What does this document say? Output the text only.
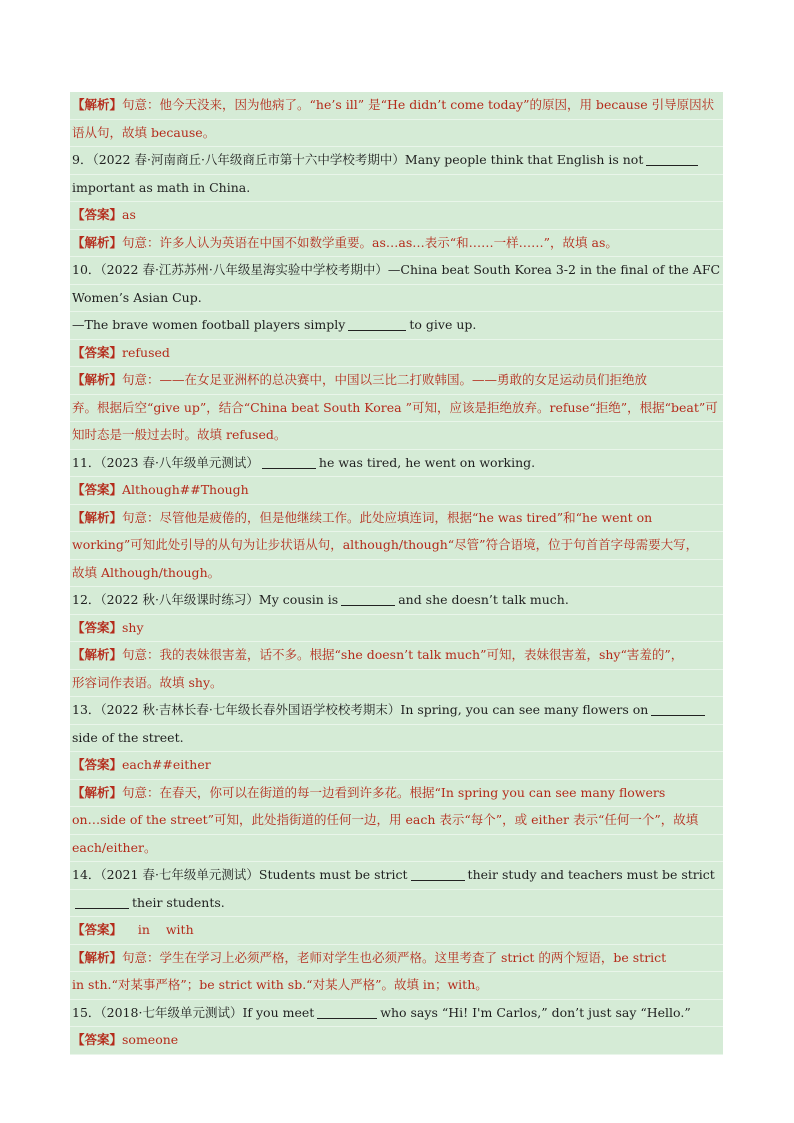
【解析】句意：他今天没来，因为他病了。“he’s ill” 是“He didn’t come today”的原因，用 because 引导原因状
语从句，故填 because。
9．（2022 春·河南商丘·八年级商丘市第十六中学校考期中）Many people think that English is not
important as math in China.
【答案】as
【解析】句意：许多人认为英语在中国不如数学重要。as…as…表示“和……一样……”，故填 as。
10．（2022 春·江苏苏州·八年级星海实验中学校考期中）—China beat South Korea 3-2 in the final of the AFC
Women’s Asian Cup.
—The brave women football players simply	to give up.
【答案】refused
【解析】句意：——在女足亚洲杯的总决赛中，中国以三比二打败韩国。——勇敢的女足运动员们拒绝放
弃。根据后空“give up”，结合“China beat South Korea ”可知，应该是拒绝放弃。refuse“拒绝”，根据“beat”可
知时态是一般过去时。故填 refused。
11．（2023 春·八年级单元测试）	he was tired, he went on working.
【答案】Although##Though
【解析】句意：尽管他是疲倦的，但是他继续工作。此处应填连词，根据“he was tired”和“he went on
working”可知此处引导的从句为让步状语从句，although/though“尽管”符合语境，位于句首首字母需要大写，
故填 Although/though。
12．（2022 秋·八年级课时练习）My cousin is	and she doesn’t talk much.
【答案】shy
【解析】句意：我的表妹很害羞，话不多。根据“she doesn’t talk much”可知，表妹很害羞，shy“害羞的”，
形容词作表语。故填 shy。
13．（2022 秋·吉林长春·七年级长春外国语学校校考期末）In spring, you can see many flowers on
side of the street.
【答案】each##either
【解析】句意：在春天，你可以在街道的每一边看到许多花。根据“In spring you can see many flowers
on…side of the street”可知，此处指街道的任何一边，用 each 表示“每个”，或 either 表示“任何一个”，故填
each/either。
14．（2021 春·七年级单元测试）Students must be strict	their study and teachers must be strict
their students.
【答案】    in    with
【解析】句意：学生在学习上必须严格，老师对学生也必须严格。这里考查了 strict 的两个短语，be strict
in sth.“对某事严格”；be strict with sb.“对某人严格”。故填 in；with。
15．（2018·七年级单元测试）If you meet	who says “Hi! I'm Carlos,” don’t just say “Hello.”
【答案】someone
